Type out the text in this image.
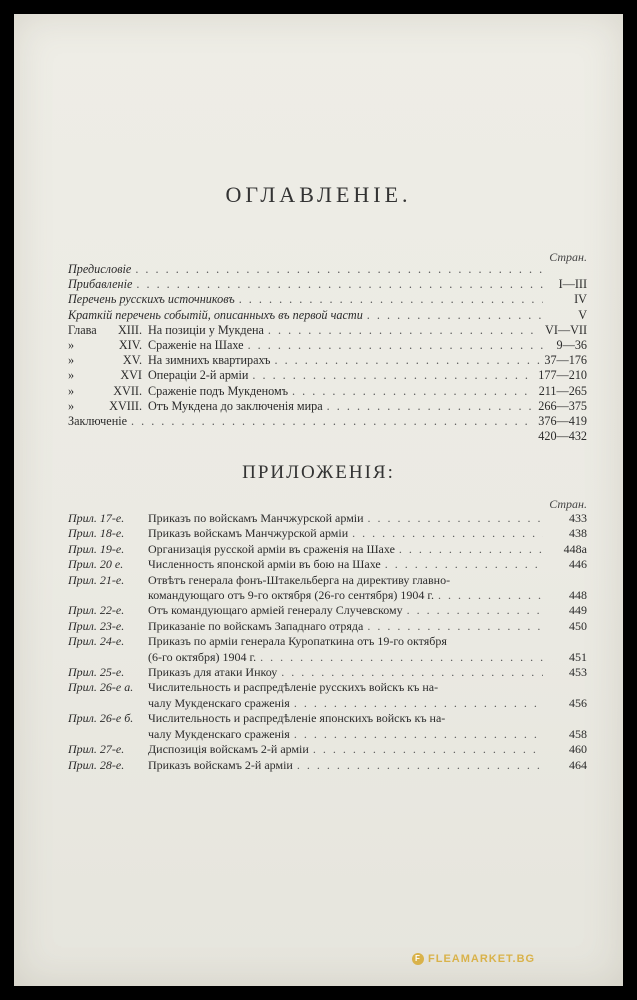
ОГЛАВЛЕНІЕ.
Стран.
Предисловіе
. . .
Прибавленіе . . .	I—III
Перечень русскихъ источниковъ . . .	IV
Краткій перечень событій, описанныхъ въ первой части . . .	V
Глава XIII. На позиціи у Мукдена . . .	VI—VII
»	XIV. Сраженіе на Шахе . . .	9—36
»	XV. На зимнихъ квартирахъ . . .	37—176
»	XVI Операціи 2-й арміи . . .	177—210
»	XVII. Сраженіе подъ Мукденомъ . . .	211—265
»	XVIII. Отъ Мукдена до заключенія мира . . .	266—375
Заключеніе . . .	376—419
420—432
ПРИЛОЖЕНІЯ:
Стран.
Прил. 17-е. Приказъ по войскамъ Манчжурской арміи . . .	433
Прил. 18-е. Приказъ войскамъ Манчжурской арміи . . .	438
Прил. 19-е. Организація русской арміи въ сраженія на Шахе . . .	448a
Прил. 20 е. Численность японской арміи въ бою на Шахе . . .	446
Прил. 21-е. Отвѣтъ генерала фонъ-Штакельберга на директиву главно-
командующаго отъ 9-го октября (26-го сентября) 1904 г. . . .	448
Прил. 22-е. Отъ командующаго арміей генералу Случевскому . . .	449
Прил. 23-е. Приказаніе по войскамъ Западнаго отряда . . .	450
Прил. 24-е. Приказъ по арміи генерала Куропаткина отъ 19-го октября
(6-го октября) 1904 г. . . .	451
Прил. 25-е. Приказъ для атаки Инкоу . . .	453
Прил. 26-е а. Числительность и распредѣленіе русскихъ войскъ къ на-
чалу Мукденскаго сраженія . . .	456
Прил. 26-е б. Числительность и распредѣленіе японскихъ войскъ къ на-
чалу Мукденскаго сраженія . . .	458
Прил. 27-е. Диспозиція войскамъ 2-й арміи . . .	460
Прил. 28-е. Приказъ войскамъ 2-й арміи . . .	464
F FLEAMARKET.BG
